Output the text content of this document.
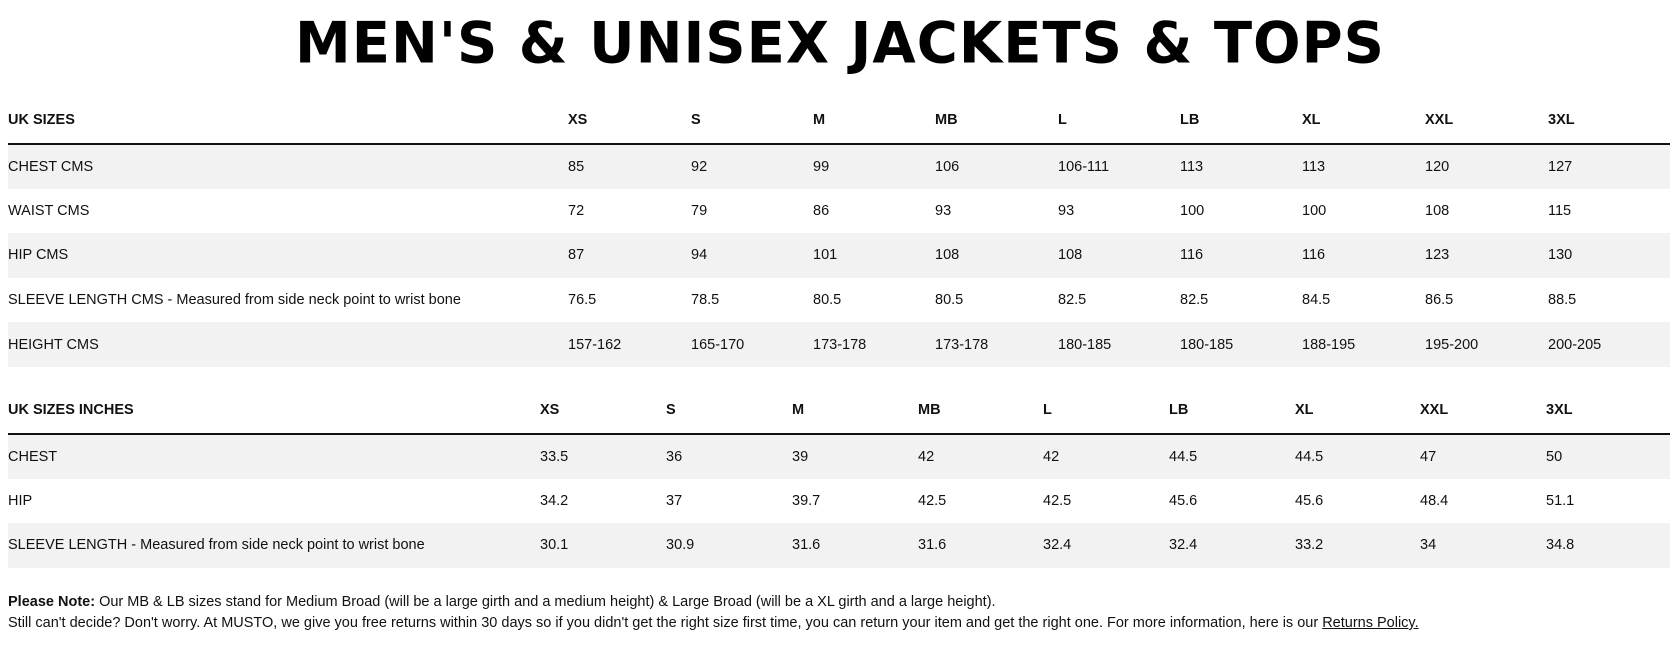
MEN'S & UNISEX JACKETS & TOPS
UK SIZES	XS	S	M	MB	L	LB	XL	XXL	3XL
CHEST CMS	85	92	99	106	106-111	113	113	120	127
WAIST CMS	72	79	86	93	93	100	100	108	115
HIP CMS	87	94	101	108	108	116	116	123	130
SLEEVE LENGTH CMS - Measured from side neck point to wrist bone	76.5	78.5	80.5	80.5	82.5	82.5	84.5	86.5	88.5
HEIGHT CMS	157-162	165-170	173-178	173-178	180-185	180-185	188-195	195-200	200-205
UK SIZES INCHES	XS	S	M	MB	L	LB	XL	XXL	3XL
CHEST	33.5	36	39	42	42	44.5	44.5	47	50
HIP	34.2	37	39.7	42.5	42.5	45.6	45.6	48.4	51.1
SLEEVE LENGTH - Measured from side neck point to wrist bone	30.1	30.9	31.6	31.6	32.4	32.4	33.2	34	34.8
Please Note: Our MB & LB sizes stand for Medium Broad (will be a large girth and a medium height) & Large Broad (will be a XL girth and a large height).
Still can't decide? Don't worry. At MUSTO, we give you free returns within 30 days so if you didn't get the right size first time, you can return your item and get the right one. For more information, here is our Returns Policy.
